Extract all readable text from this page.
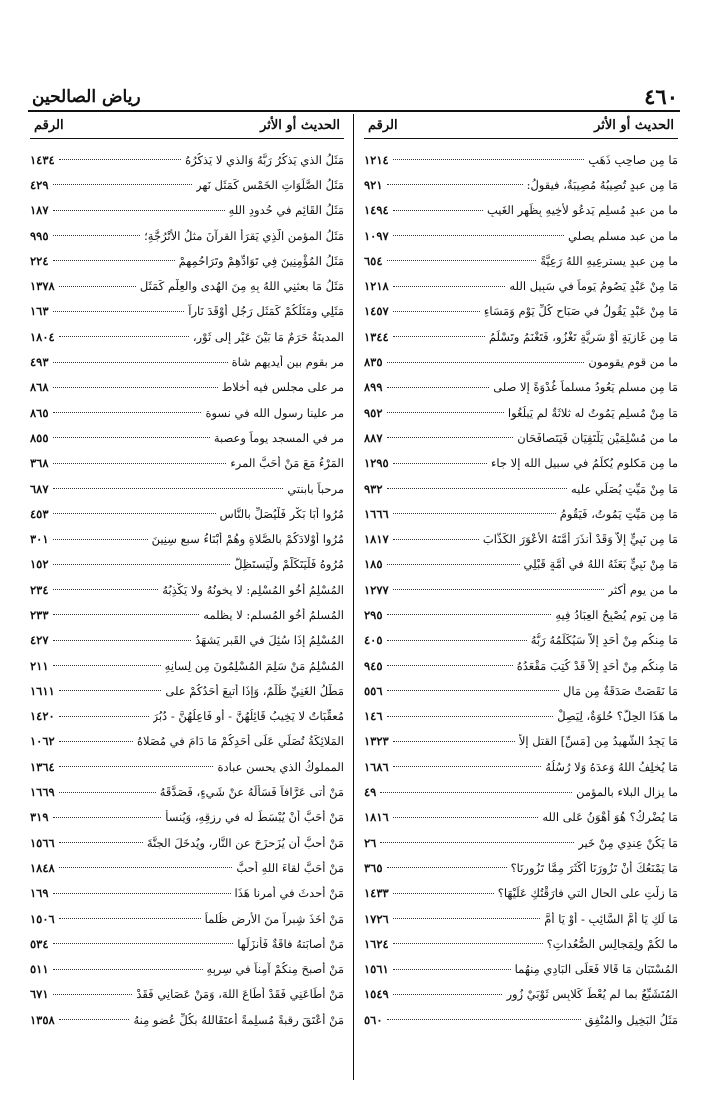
٤٦٠
رياض الصالحين
الحديث أو الأثر
الرقم
مَا مِن صاحِبِ ذَهَبٍ
١٢١٤
مَا مِن عبدٍ تُصِيبُهُ مُصِيبَةٌ، فيقولُ:
٩٢١
ما من عبدٍ مُسلِمٍ يَدعُو لأخِيهِ بِظَهرِ الغَيبِ
١٤٩٤
ما من عبد مسلم يصلي
١٠٩٧
ما مِن عبدٍ يسترعِيهِ اللهُ رَعِيَّةً
٦٥٤
مَا مِنْ عَبْدٍ يَصُومُ يَوماً في سَبِيلِ الله
١٢١٨
مَا مِنْ عَبْدٍ يَقُولُ في صَبَاحِ كُلِّ يَوْمٍ وَمَسَاءِ
١٤٥٧
مَا مِن غَازِيَةٍ أَوْ سَرِيَّةٍ تَغْزُو، فَتَغْنَمُ وتَسْلَمُ
١٣٤٤
ما من قوم يقومون
٨٣٥
مَا مِن مسلمٍ يَعُودُ مسلماً غُدْوَةً إلا صلى
٨٩٩
مَا مِنْ مُسلِمٍ يَمُوتُ له ثلاثَةٌ لم يَبلُغُوا
٩٥٢
ما من مُسْلِمَيْنِ يَلْتَقِيَانِ فَيَتَصافَحَانِ
٨٨٧
ما مِن مَكلومٍ يُكلَمُ في سبيل الله إلا جاء
١٢٩٥
مَا مِنْ مَيِّتٍ يُصَلِّي عليه
٩٣٢
مَا مِن مَيِّتٍ يَمُوتُ، فَيَقُومُ
١٦٦٦
مَا مِن نَبِيٍّ إلاَّ وَقَدْ أَنذَرَ أُمَّتَهُ الأعْوَرَ الكَذَّابَ
١٨١٧
مَا مِنْ نَبِيٍّ بَعَثَهُ اللهُ في أُمَّةٍ قَبْلِي
١٨٥
ما من يوم أكثر
١٢٧٧
مَا مِن يَومٍ يُصْبِحُ العِبَادُ فِيهِ
٢٩٥
مَا مِنكُم مِنْ أحَدٍ إلاّ سَيُكَلِّمُهُ رَبُّهُ
٤٠٥
مَا مِنكُم مِنْ أحَدٍ إلاّ قَدْ كُتِبَ مَقْعَدُهُ
٩٤٥
مَا نَقَصَتْ صَدَقَةٌ مِن مَالٍ
٥٥٦
ما هَذَا الحِلُّ؟ حُلوَةٌ، لِيَصِلْ
١٤٦
مَا يَجِدُ الشَّهِيدُ مِن [مَسِّ] القتلِ إلاَّ
١٣٢٣
مَا يُخلِفُ اللهُ وَعدَهُ وَلا رُسُلُهُ
١٦٨٦
ما يزال البلاء بالمؤمن
٤٩
مَا يُضْرِكُ؟ هُوَ أهْوَنُ عَلى الله
١٨١٦
مَا يَكُنْ عِندِي مِنْ خَيرٍ
٢٦
مَا يَمْنَعُكَ أَنْ تَزُورَنَا أَكْثَرَ مِمَّا تَزُورنَا؟
٣٦٥
مَا زِلْتِ على الحالِ التي فارَقْتُكِ عَلَيْهَا؟
١٤٣٣
مَا لَكِ يَا أُمَّ السَّائِبِ - أَوْ يَا أُمَّ
١٧٢٦
ما لكُمْ ولِمَجالِسِ الصُّعُداتِ؟
١٦٢٤
المُسْتَبَانِ مَا قَالا فَعَلَى البَادِي مِنهُما
١٥٦١
المُتَشَبِّعُ بما لم يُعْطَ كَلابِسِ ثَوْبَيْ زُورٍ
١٥٤٩
مَثَلُ البَخِيلِ والمُنْفِقِ
٥٦٠
الحديث أو الأثر
الرقم
مَثَلُ الذي يَذكُرُ رَبَّهُ وَالذي لا يَذكُرُهُ
١٤٣٤
مَثَلُ الصَّلَوَاتِ الخَمْسِ كَمَثَلِ نَهرٍ
٤٢٩
مَثَلُ القَائِمِ في حُدودِ اللهِ
١٨٧
مَثَلُ المؤمنِ الَّذِي يَقرَأُ القرآنَ مثلُ الأُتْرُجَّةِ؛
٩٩٥
مَثَلُ المُؤْمِنِينَ فِي تَوَادِّهِمْ وتَرَاحُمِهِمْ
٢٢٤
مَثَلُ مَا بعثنِي اللهُ بِهِ مِنَ الهُدى والعِلْمِ كَمَثَلِ
١٣٧٨
مَثَلِي ومَثَلُكُمْ كَمَثَلِ رَجُلٍ أوْقَدَ نَاراً
١٦٣
المدينَةُ حَرَمٌ مَا بَيْنَ عَيْرٍ إلى ثَوْرٍ،
١٨٠٤
مر بقوم بين أيديهم شاة
٤٩٣
مر على مجلس فيه أخلاط
٨٦٨
مر علينا رسول الله في نسوة
٨٦٥
مر في المسجد يوماً وعصبة
٨٥٥
المَرْءُ مَعَ مَنْ أَحَبَّ المرء
٣٦٨
مرحباً بابنتي
٦٨٧
مُرُوا أبَا بَكْرٍ فَلْيُصَلِّ بالنَّاسِ
٤٥٣
مُرُوا أوْلادَكُمْ بالصَّلاةِ وهُمْ أبْنَاءُ سبعِ سِنِينَ
٣٠١
مُرُوهُ فَلْيَتَكَلَّمْ ولْيَستَظِلَّ
١٥٢
المُسْلِمُ أخُو المُسْلِم: لا يخونُهُ ولا يَكْذِبُهُ
٢٣٤
المُسلمُ أخُو المُسلم: لا يظلمه
٢٣٣
المُسْلِمُ إذَا سُئِلَ في القَبرِ يَشهَدُ
٤٢٧
المُسْلِمُ مَنْ سَلِمَ المُسْلِمُونَ مِن لِسانِهِ
٢١١
مَطْلُ الغَنِيِّ ظُلْمٌ، وَإذَا أُتبِعَ أحَدُكُمْ على
١٦١١
مُعقِّبَاتٌ لا يَخِيبُ قَائِلُهُنَّ - أو فَاعِلُهُنَّ - دُبُرَ
١٤٢٠
المَلائِكَةُ تُصَلِّي عَلَى أحَدِكُمْ مَا دَامَ في مُصَلاهُ
١٠٦٢
المملوكُ الذي يحسن عبادة
١٣٦٤
مَنْ أتى عَرَّافاً فَسَألَهُ عنْ شَيءٍ، فَصَدَّقَهُ
١٦٦٩
مَنْ أحَبَّ أنْ يُبْسَطَ له في رِزقِهِ، وَيُنسأ
٣١٩
مَنْ أحبَّ أن يُزَحزَحَ عن النَّارِ، ويُدخَلَ الجنَّةَ
١٥٦٦
مَنْ أحَبَّ لقاءَ اللهِ أحبَّ
١٨٤٨
مَنْ أحدثَ في أمرِنا هَذَا
١٦٩
مَنْ أخَذَ شِبراً منَ الأرضِ ظُلماً
١٥٠٦
مَنْ أصابَتهُ فاقَةٌ فَأنزَلَها
٥٣٤
مَنْ أصبحَ مِنكُمْ آمِناً في سِربِهِ
٥١١
مَنْ أطَاعَنِي فَقَدْ أطَاعَ اللهَ، وَمَنْ عَصَانِي فَقَدْ
٦٧١
مَنْ أعْتَقَ رقبةً مُسلِمةً أعتَقَاللهُ بكُلِّ عُضوٍ مِنهُ
١٣٥٨
